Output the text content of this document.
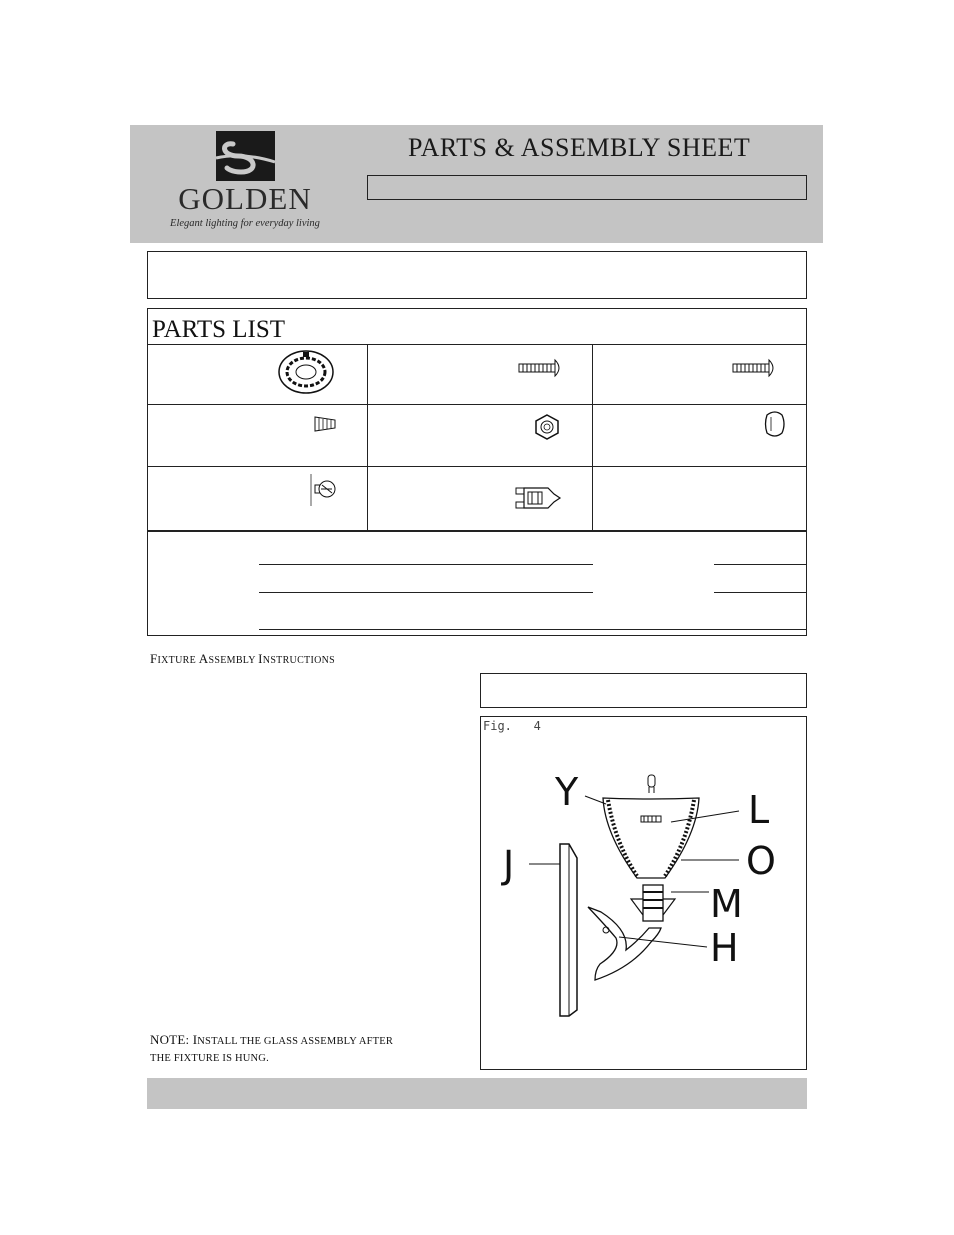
GOLDEN
Elegant lighting for everyday living
PARTS & ASSEMBLY SHEET
PARTS LIST
FIXTURE ASSEMBLY INSTRUCTIONS
Fig.   4
Y	L
J	O
M
H
NOTE: INSTALL THE GLASS ASSEMBLY AFTER
THE FIXTURE IS HUNG.
